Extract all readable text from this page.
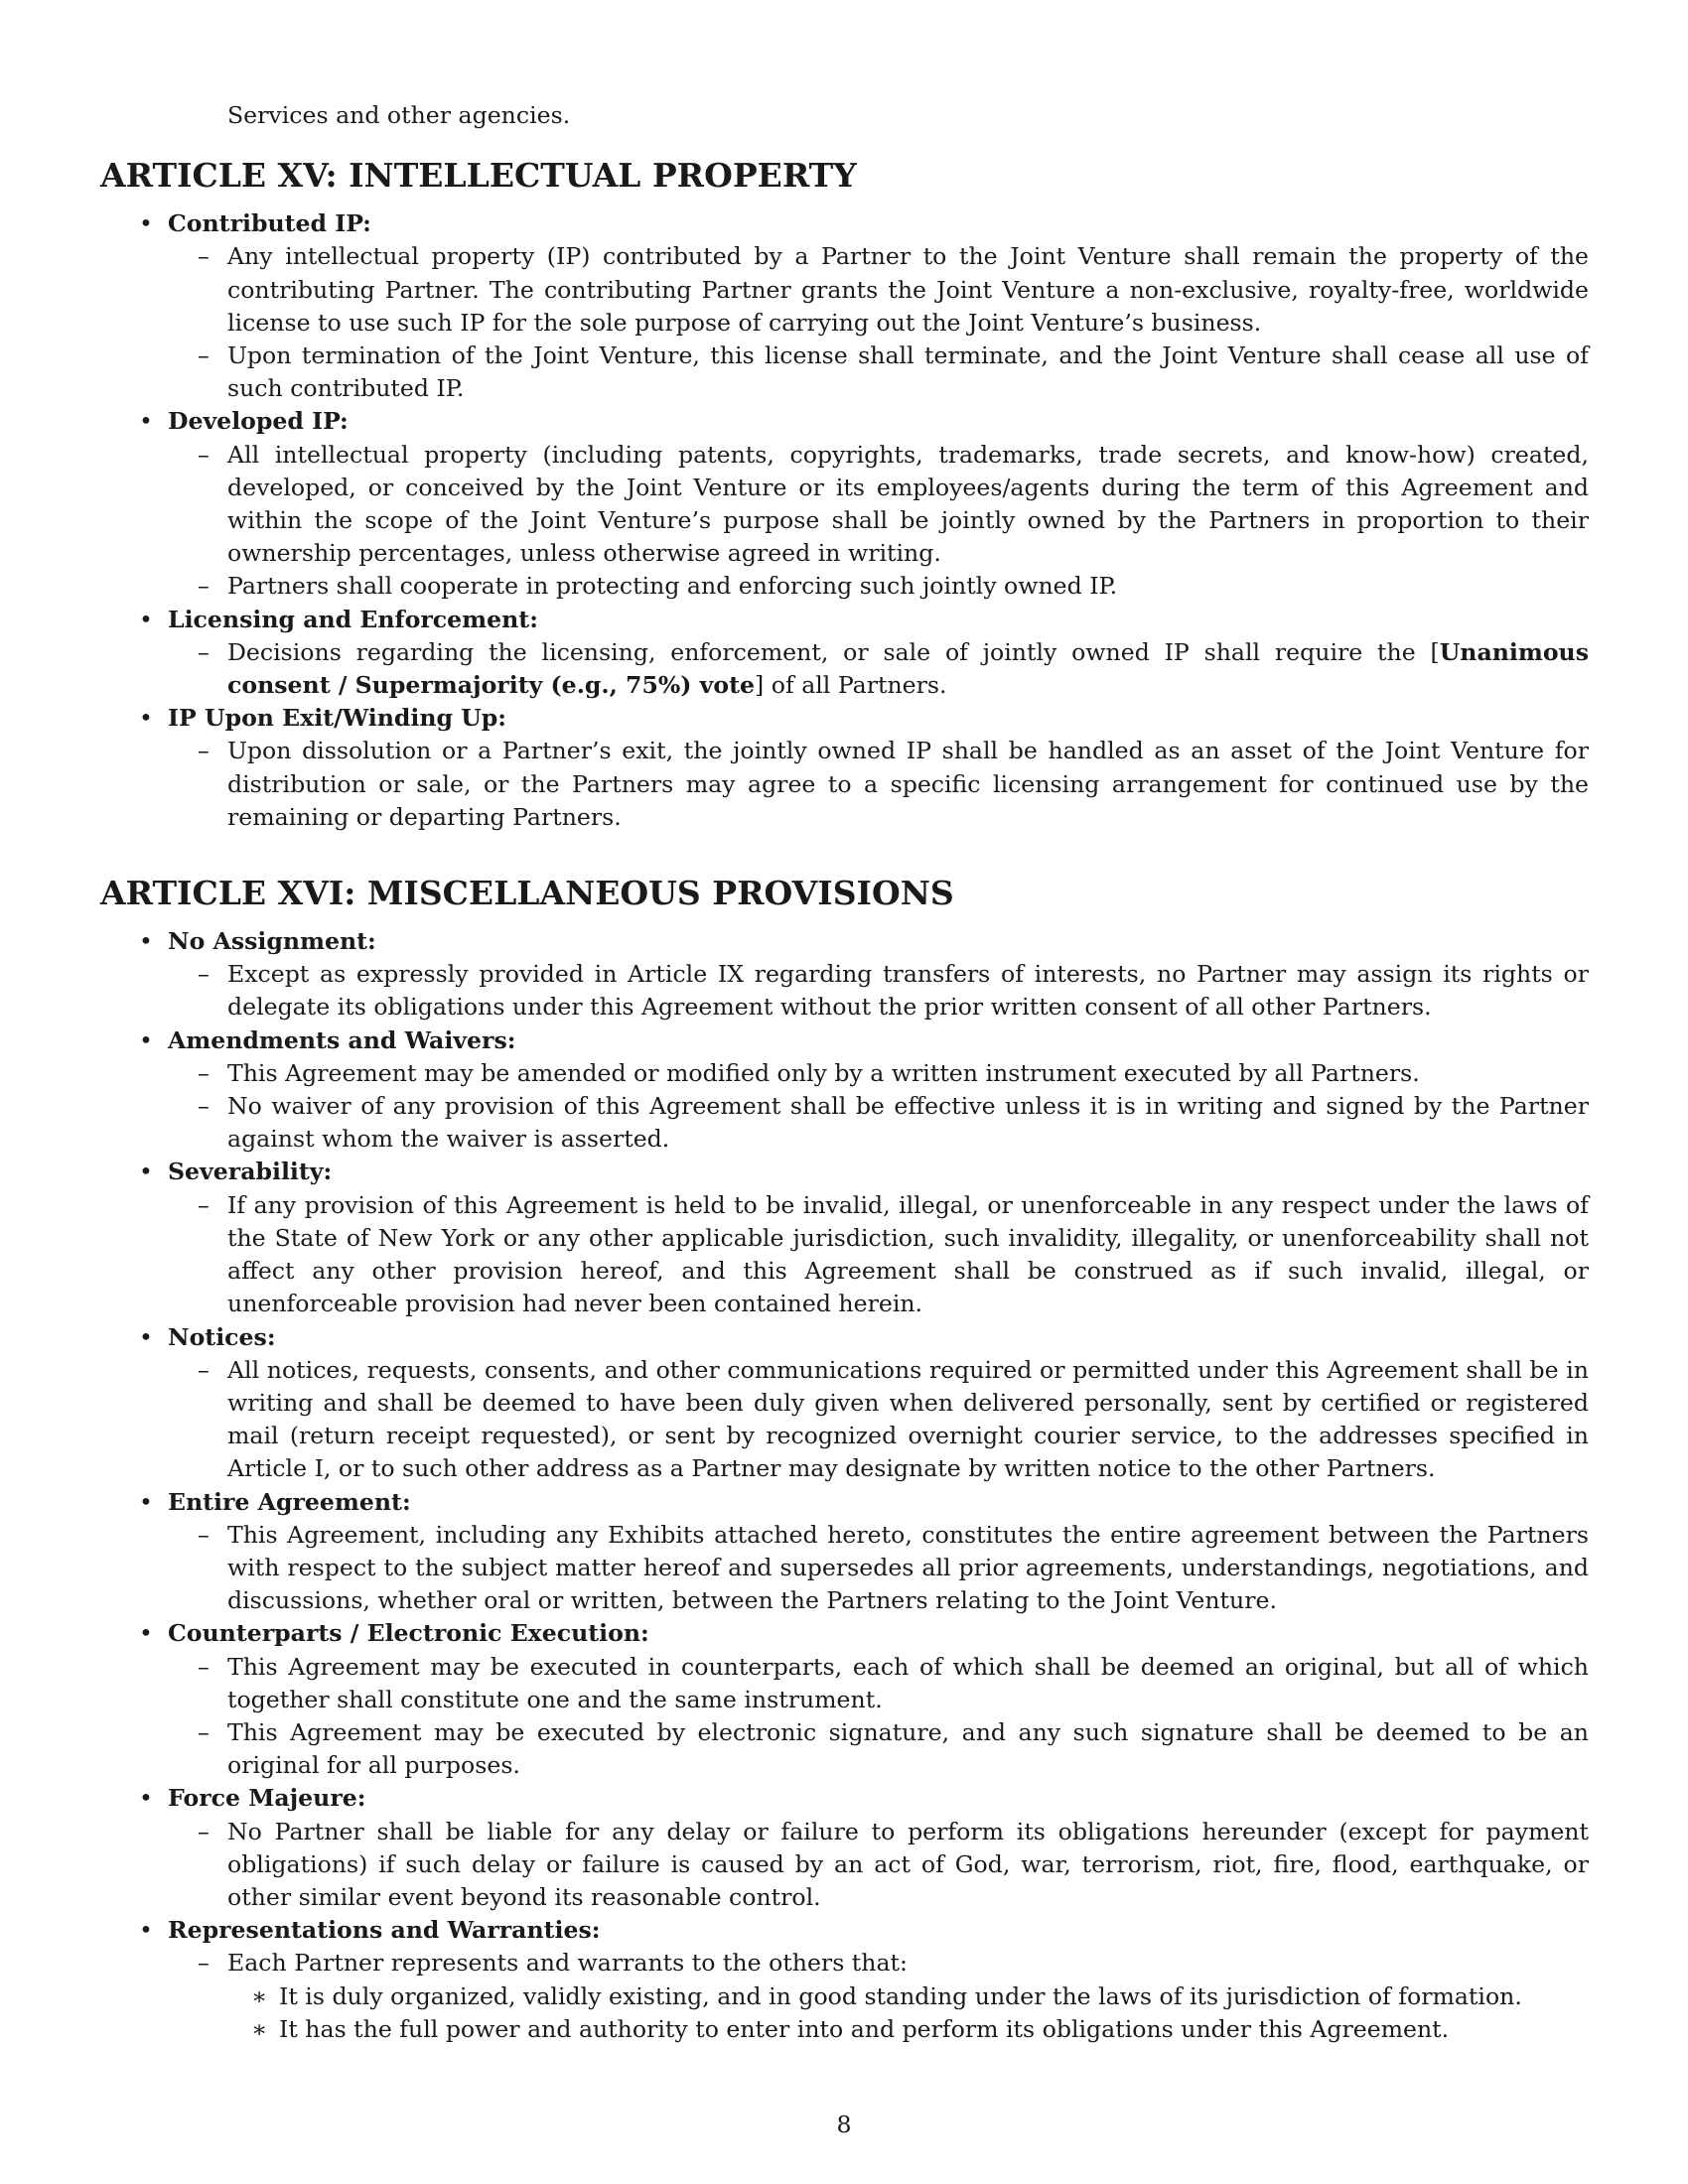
Services and other agencies.

ARTICLE XV: INTELLECTUAL PROPERTY
• Contributed IP:
– Any intellectual property (IP) contributed by a Partner to the Joint Venture shall remain the property of the contributing Partner. The contributing Partner grants the Joint Venture a non-exclusive, royalty-free, worldwide license to use such IP for the sole purpose of carrying out the Joint Venture’s business.
– Upon termination of the Joint Venture, this license shall terminate, and the Joint Venture shall cease all use of such contributed IP.
• Developed IP:
– All intellectual property (including patents, copyrights, trademarks, trade secrets, and know-how) created, developed, or conceived by the Joint Venture or its employees/agents during the term of this Agreement and within the scope of the Joint Venture’s purpose shall be jointly owned by the Partners in proportion to their ownership percentages, unless otherwise agreed in writing.
– Partners shall cooperate in protecting and enforcing such jointly owned IP.
• Licensing and Enforcement:
– Decisions regarding the licensing, enforcement, or sale of jointly owned IP shall require the [Unanimous consent / Supermajority (e.g., 75%) vote] of all Partners.
• IP Upon Exit/Winding Up:
– Upon dissolution or a Partner’s exit, the jointly owned IP shall be handled as an asset of the Joint Venture for distribution or sale, or the Partners may agree to a specific licensing arrangement for continued use by the remaining or departing Partners.
ARTICLE XVI: MISCELLANEOUS PROVISIONS
• No Assignment:
– Except as expressly provided in Article IX regarding transfers of interests, no Partner may assign its rights or delegate its obligations under this Agreement without the prior written consent of all other Partners.
• Amendments and Waivers:
– This Agreement may be amended or modified only by a written instrument executed by all Partners.
– No waiver of any provision of this Agreement shall be effective unless it is in writing and signed by the Partner against whom the waiver is asserted.
• Severability:
– If any provision of this Agreement is held to be invalid, illegal, or unenforceable in any respect under the laws of the State of New York or any other applicable jurisdiction, such invalidity, illegality, or unenforceability shall not affect any other provision hereof, and this Agreement shall be construed as if such invalid, illegal, or unenforceable provision had never been contained herein.
• Notices:
– All notices, requests, consents, and other communications required or permitted under this Agreement shall be in writing and shall be deemed to have been duly given when delivered personally, sent by certified or registered mail (return receipt requested), or sent by recognized overnight courier service, to the addresses specified in Article I, or to such other address as a Partner may designate by written notice to the other Partners.
• Entire Agreement:
– This Agreement, including any Exhibits attached hereto, constitutes the entire agreement between the Partners with respect to the subject matter hereof and supersedes all prior agreements, understandings, negotiations, and discussions, whether oral or written, between the Partners relating to the Joint Venture.
• Counterparts / Electronic Execution:
– This Agreement may be executed in counterparts, each of which shall be deemed an original, but all of which together shall constitute one and the same instrument.
– This Agreement may be executed by electronic signature, and any such signature shall be deemed to be an original for all purposes.
• Force Majeure:
– No Partner shall be liable for any delay or failure to perform its obligations hereunder (except for payment obligations) if such delay or failure is caused by an act of God, war, terrorism, riot, fire, flood, earthquake, or other similar event beyond its reasonable control.
• Representations and Warranties:
– Each Partner represents and warrants to the others that:
∗ It is duly organized, validly existing, and in good standing under the laws of its jurisdiction of formation.
∗ It has the full power and authority to enter into and perform its obligations under this Agreement.
8
